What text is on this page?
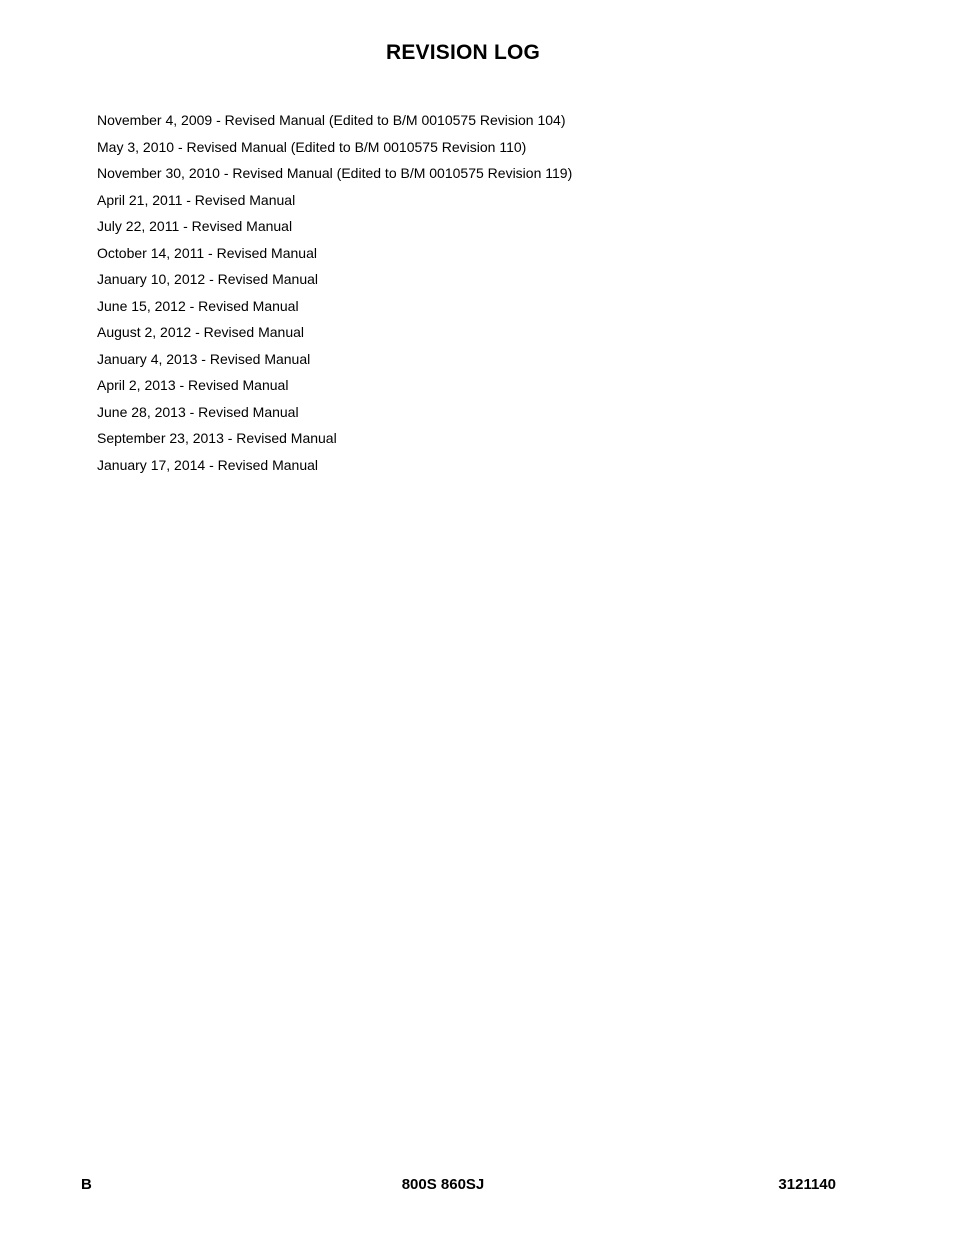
REVISION LOG
November 4, 2009 - Revised Manual (Edited to B/M 0010575 Revision 104)
May 3, 2010 - Revised Manual (Edited to B/M 0010575 Revision 110)
November 30, 2010 - Revised Manual (Edited to B/M 0010575 Revision 119)
April 21, 2011 - Revised Manual
July 22, 2011 - Revised Manual
October 14, 2011 - Revised Manual
January 10, 2012 - Revised Manual
June 15, 2012 - Revised Manual
August 2, 2012 - Revised Manual
January 4, 2013 - Revised Manual
April 2, 2013 - Revised Manual
June 28, 2013 - Revised Manual
September 23, 2013 - Revised Manual
January 17, 2014 - Revised Manual
B	800S 860SJ	3121140
